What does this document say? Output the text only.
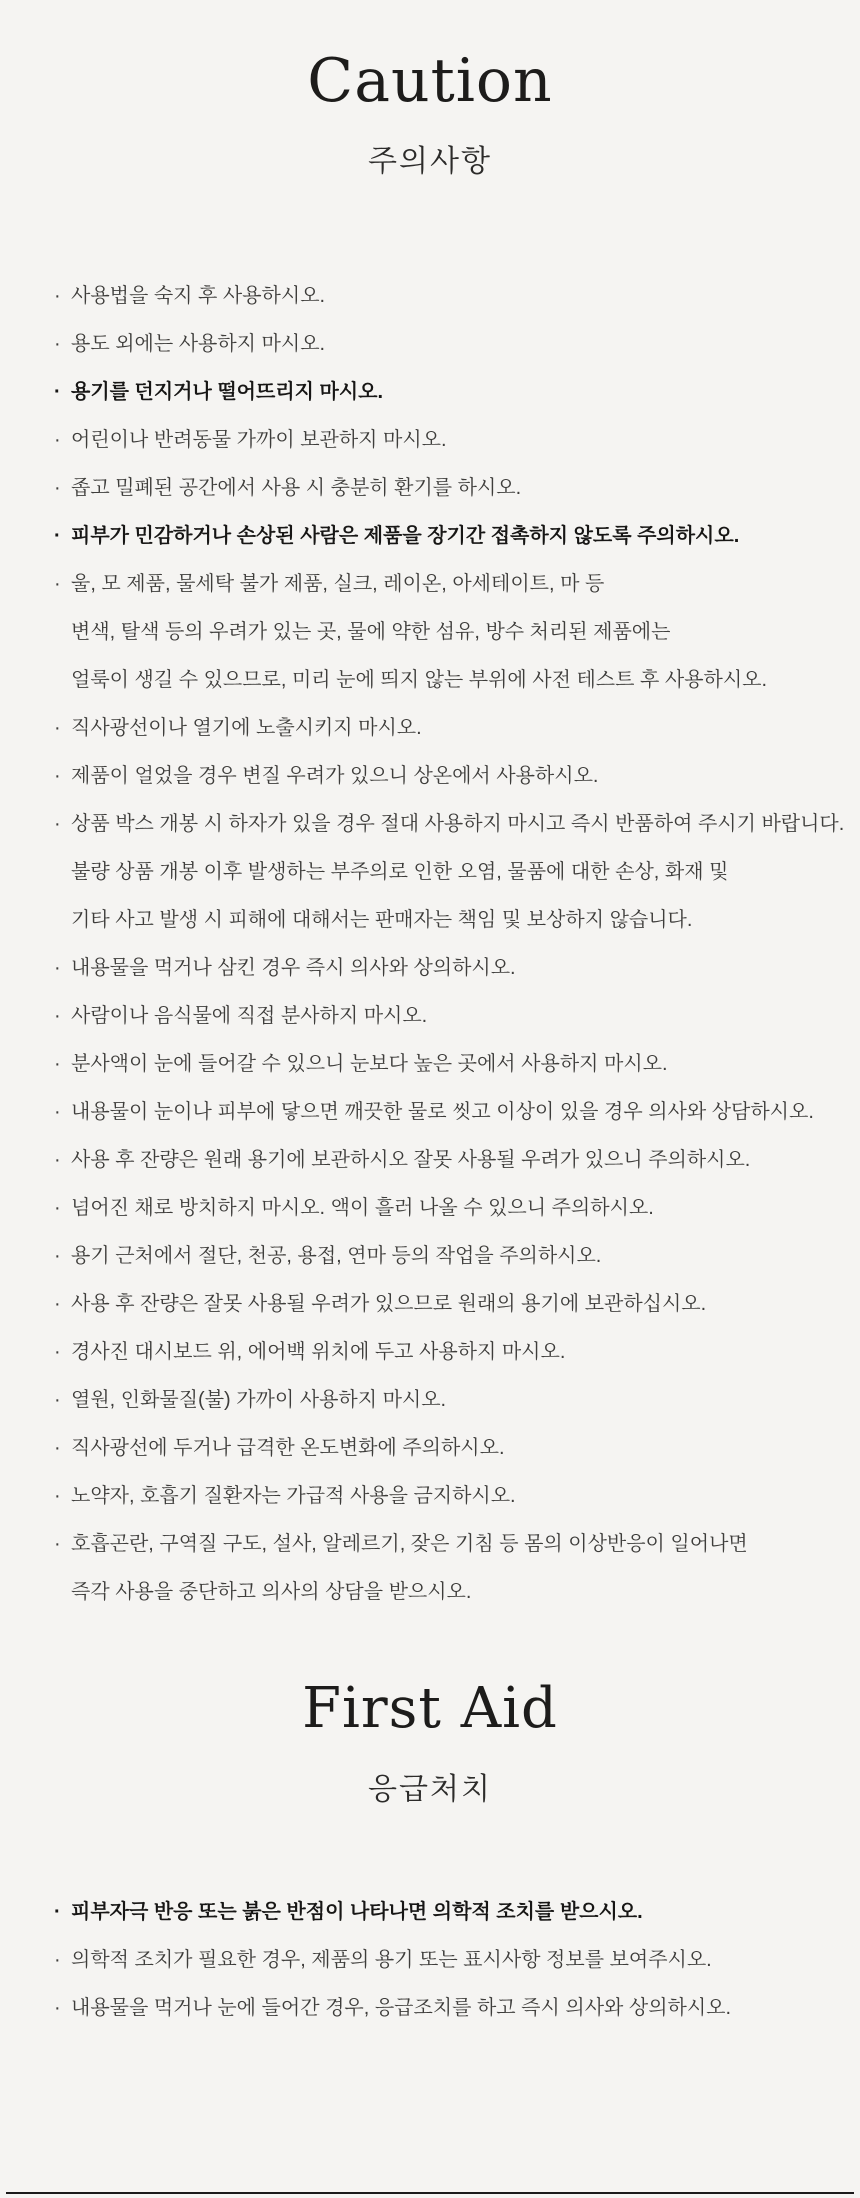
Caution
주의사항
· 사용법을 숙지 후 사용하시오.
· 용도 외에는 사용하지 마시오.
· 용기를 던지거나 떨어뜨리지 마시오.
· 어린이나 반려동물 가까이 보관하지 마시오.
· 좁고 밀폐된 공간에서 사용 시 충분히 환기를 하시오.
· 피부가 민감하거나 손상된 사람은 제품을 장기간 접촉하지 않도록 주의하시오.
· 울, 모 제품, 물세탁 불가 제품, 실크, 레이온, 아세테이트, 마 등
변색, 탈색 등의 우려가 있는 곳, 물에 약한 섬유, 방수 처리된 제품에는
얼룩이 생길 수 있으므로, 미리 눈에 띄지 않는 부위에 사전 테스트 후 사용하시오.
· 직사광선이나 열기에 노출시키지 마시오.
· 제품이 얼었을 경우 변질 우려가 있으니 상온에서 사용하시오.
· 상품 박스 개봉 시 하자가 있을 경우 절대 사용하지 마시고 즉시 반품하여 주시기 바랍니다.
불량 상품 개봉 이후 발생하는 부주의로 인한 오염, 물품에 대한 손상, 화재 및
기타 사고 발생 시 피해에 대해서는 판매자는 책임 및 보상하지 않습니다.
· 내용물을 먹거나 삼킨 경우 즉시 의사와 상의하시오.
· 사람이나 음식물에 직접 분사하지 마시오.
· 분사액이 눈에 들어갈 수 있으니 눈보다 높은 곳에서 사용하지 마시오.
· 내용물이 눈이나 피부에 닿으면 깨끗한 물로 씻고 이상이 있을 경우 의사와 상담하시오.
· 사용 후 잔량은 원래 용기에 보관하시오 잘못 사용될 우려가 있으니 주의하시오.
· 넘어진 채로 방치하지 마시오. 액이 흘러 나올 수 있으니 주의하시오.
· 용기 근처에서 절단, 천공, 용접, 연마 등의 작업을 주의하시오.
· 사용 후 잔량은 잘못 사용될 우려가 있으므로 원래의 용기에 보관하십시오.
· 경사진 대시보드 위, 에어백 위치에 두고 사용하지 마시오.
· 열원, 인화물질(불) 가까이 사용하지 마시오.
· 직사광선에 두거나 급격한 온도변화에 주의하시오.
· 노약자, 호흡기 질환자는 가급적 사용을 금지하시오.
· 호흡곤란, 구역질 구도, 설사, 알레르기, 잦은 기침 등 몸의 이상반응이 일어나면
즉각 사용을 중단하고 의사의 상담을 받으시오.
First Aid
응급처치
· 피부자극 반응 또는 붉은 반점이 나타나면 의학적 조치를 받으시오.
· 의학적 조치가 필요한 경우, 제품의 용기 또는 표시사항 정보를 보여주시오.
· 내용물을 먹거나 눈에 들어간 경우, 응급조치를 하고 즉시 의사와 상의하시오.
